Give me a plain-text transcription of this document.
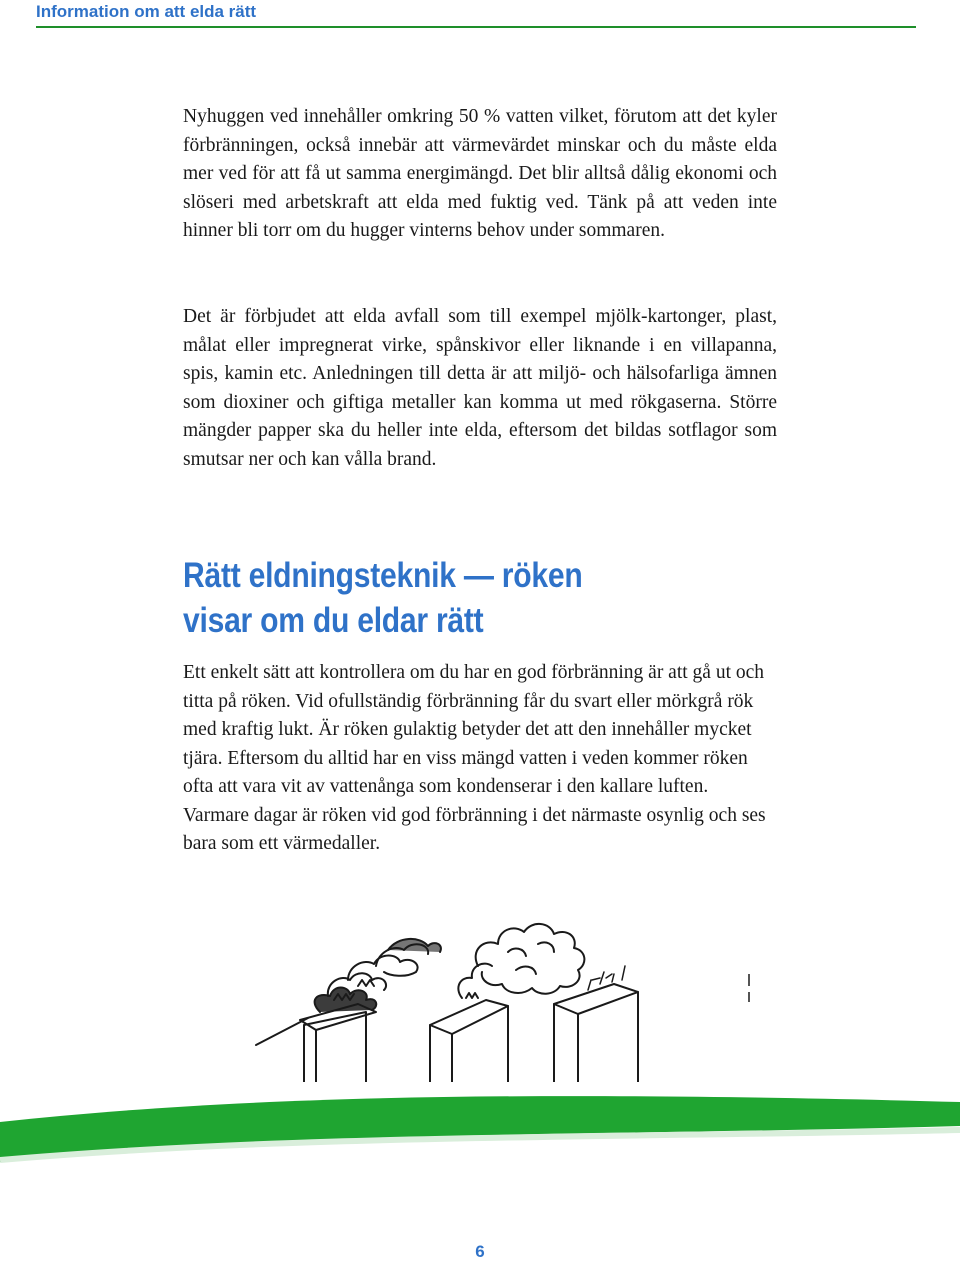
Information om att elda rätt

Nyhuggen ved innehåller omkring 50 % vatten vilket, förutom att det kyler förbränningen, också innebär att värmevärdet minskar och du måste elda mer ved för att få ut samma energimängd. Det blir alltså dålig ekonomi och slöseri med arbetskraft att elda med fuktig ved. Tänk på att veden inte hinner bli torr om du hugger vinterns behov under sommaren.

Det är förbjudet att elda avfall som till exempel mjölk-kartonger, plast, målat eller impregnerat virke, spånskivor eller liknande i en villapanna, spis, kamin etc. Anledningen till detta är att miljö- och hälsofarliga ämnen som dioxiner och giftiga metaller kan komma ut med rökgaserna. Större mängder papper ska du heller inte elda, eftersom det bildas sotflagor som smutsar ner och kan vålla brand.

Rätt eldningsteknik — röken
visar om du eldar rätt

Ett enkelt sätt att kontrollera om du har en god förbränning är att gå ut och titta på röken. Vid ofullständig förbränning får du svart eller mörkgrå rök med kraftig lukt. Är röken gulaktig betyder det att den innehåller mycket tjära. Eftersom du alltid har en viss mängd vatten i veden kommer röken ofta att vara vit av vattenånga som kondenserar i den kallare luften. Varmare dagar är röken vid god förbränning i det närmaste osynlig och ses bara som ett värmedaller.

6
